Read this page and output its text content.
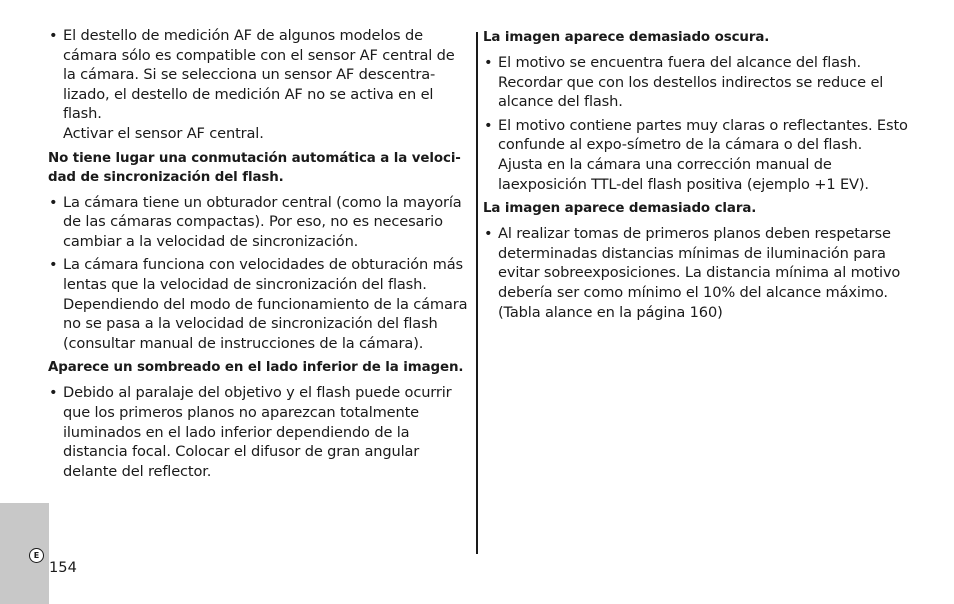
• El destello de medición AF de algunos modelos de cámara sólo es compatible con el sensor AF central de la cámara. Si se selecciona un sensor AF descentra-lizado, el destello de medición AF no se activa en el flash.
Activar el sensor AF central.

No tiene lugar una conmutación automática a la veloci-dad de sincronización del flash.

• La cámara tiene un obturador central (como la mayoría de las cámaras compactas). Por eso, no es necesario cambiar a la velocidad de sincronización.
• La cámara funciona con velocidades de obturación más lentas que la velocidad de sincronización del flash. Dependiendo del modo de funcionamiento de la cámara no se pasa a la velocidad de sincronización del flash (consultar manual de instrucciones de la cámara).

Aparece un sombreado en el lado inferior de la imagen.

• Debido al paralaje del objetivo y el flash puede ocurrir que los primeros planos no aparezcan totalmente iluminados en el lado inferior dependiendo de la distancia focal. Colocar el difusor de gran angular delante del reflector.

La imagen aparece demasiado oscura.

• El motivo se encuentra fuera del alcance del flash. Recordar que con los destellos indirectos se reduce el alcance del flash.
• El motivo contiene partes muy claras o reflectantes. Esto confunde al expo-símetro de la cámara o del flash. Ajusta en la cámara una corrección manual de laexposición TTL-del flash positiva (ejemplo +1 EV).

La imagen aparece demasiado clara.

• Al realizar tomas de primeros planos deben respetarse determinadas distancias mínimas de iluminación para evitar sobreexposiciones. La distancia mínima al motivo debería ser como mínimo el 10% del alcance máximo.
(Tabla alance en la página 160)
E
154
